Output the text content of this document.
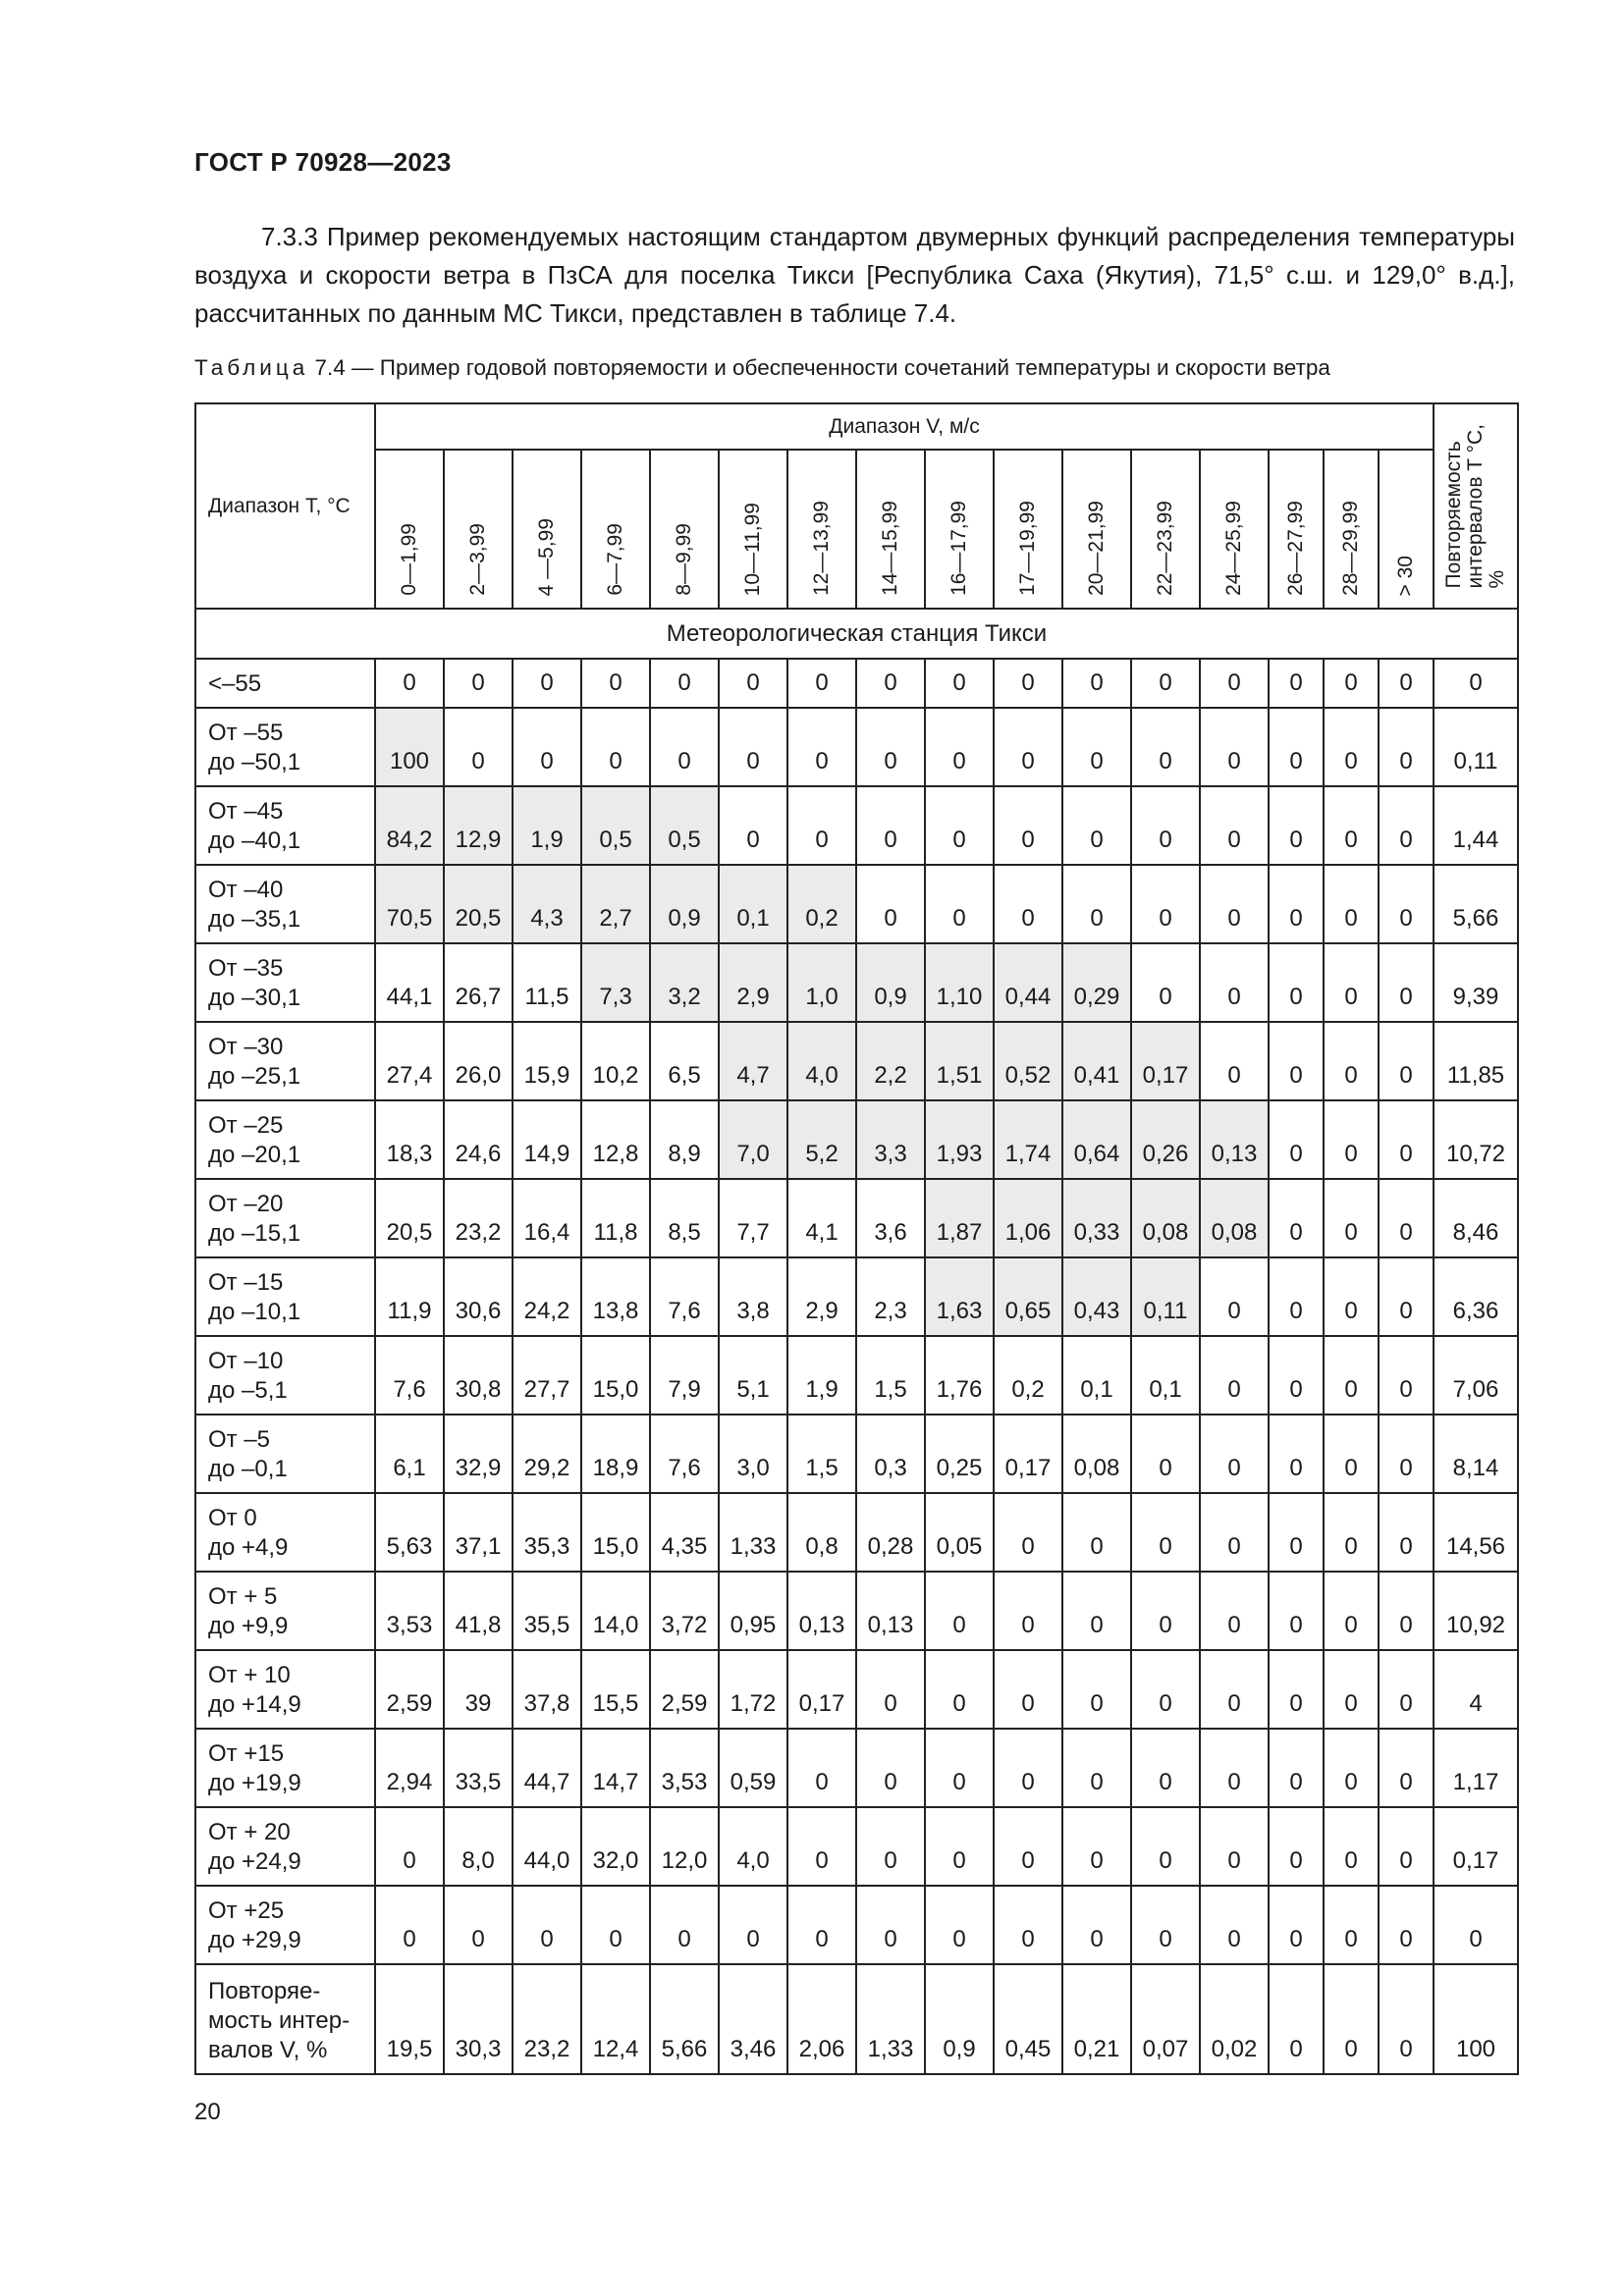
ГОСТ Р 70928—2023

7.3.3 Пример рекомендуемых настоящим стандартом двумерных функций распределения температуры воздуха и скорости ветра в ПзСА для поселка Тикси [Республика Саха (Якутия), 71,5° с.ш. и 129,0° в.д.], рассчитанных по данным МС Тикси, представлен в таблице 7.4.

Таблица 7.4 — Пример годовой повторяемости и обеспеченности сочетаний температуры и скорости ветра
Диапазон T, °C	Диапазон V, м/с																Повторяемость
интервалов T °C,
%

	0—1,99	2—3,99	4 —5,99	6—7,99	8—9,99	10—11,99	12—13,99	14—15,99	16—17,99	17—19,99	20—21,99	22—23,99	24—25,99	26—27,99	28—29,99	> 30	

Метеорологическая станция Тикси																	
<–55	0	0	0	0	0	0	0	0	0	0	0	0	0	0	0	0	0
От –55
до –50,1	100	0	0	0	0	0	0	0	0	0	0	0	0	0	0	0	0,11
От –45
до –40,1	84,2	12,9	1,9	0,5	0,5	0	0	0	0	0	0	0	0	0	0	0	1,44
От –40
до –35,1	70,5	20,5	4,3	2,7	0,9	0,1	0,2	0	0	0	0	0	0	0	0	0	5,66
От –35
до –30,1	44,1	26,7	11,5	7,3	3,2	2,9	1,0	0,9	1,10	0,44	0,29	0	0	0	0	0	9,39
От –30
до –25,1	27,4	26,0	15,9	10,2	6,5	4,7	4,0	2,2	1,51	0,52	0,41	0,17	0	0	0	0	11,85
От –25
до –20,1	18,3	24,6	14,9	12,8	8,9	7,0	5,2	3,3	1,93	1,74	0,64	0,26	0,13	0	0	0	10,72
От –20
до –15,1	20,5	23,2	16,4	11,8	8,5	7,7	4,1	3,6	1,87	1,06	0,33	0,08	0,08	0	0	0	8,46
От –15
до –10,1	11,9	30,6	24,2	13,8	7,6	3,8	2,9	2,3	1,63	0,65	0,43	0,11	0	0	0	0	6,36
От –10
до –5,1	7,6	30,8	27,7	15,0	7,9	5,1	1,9	1,5	1,76	0,2	0,1	0,1	0	0	0	0	7,06
От –5
до –0,1	6,1	32,9	29,2	18,9	7,6	3,0	1,5	0,3	0,25	0,17	0,08	0	0	0	0	0	8,14
От 0
до +4,9	5,63	37,1	35,3	15,0	4,35	1,33	0,8	0,28	0,05	0	0	0	0	0	0	0	14,56
От + 5
до +9,9	3,53	41,8	35,5	14,0	3,72	0,95	0,13	0,13	0	0	0	0	0	0	0	0	10,92
От + 10
до +14,9	2,59	39	37,8	15,5	2,59	1,72	0,17	0	0	0	0	0	0	0	0	0	4
От +15
до +19,9	2,94	33,5	44,7	14,7	3,53	0,59	0	0	0	0	0	0	0	0	0	0	1,17
От + 20
до +24,9	0	8,0	44,0	32,0	12,0	4,0	0	0	0	0	0	0	0	0	0	0	0,17
От +25
до +29,9	0	0	0	0	0	0	0	0	0	0	0	0	0	0	0	0	0
Повторяе-
мость интер-
валов V, %	19,5	30,3	23,2	12,4	5,66	3,46	2,06	1,33	0,9	0,45	0,21	0,07	0,02	0	0	0	100
20
